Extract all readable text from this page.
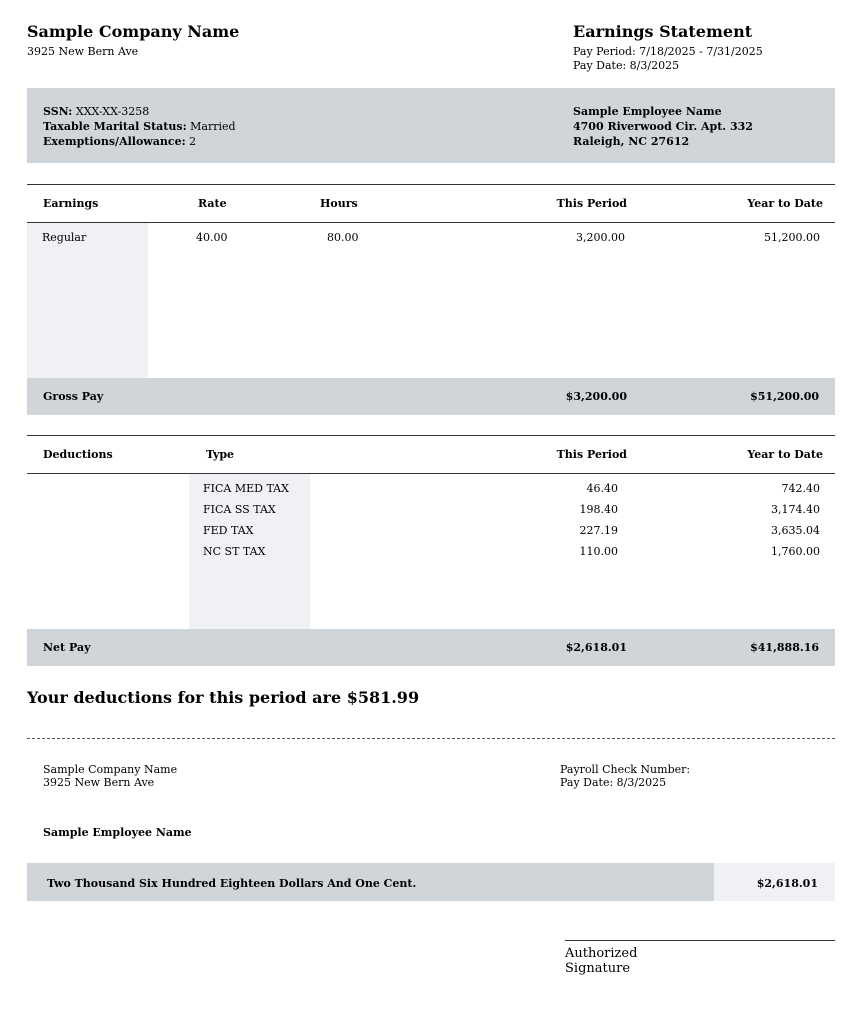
Sample Company Name
3925 New Bern Ave
Earnings Statement
Pay Period: 7/18/2025 - 7/31/2025
Pay Date: 8/3/2025
SSN: XXX-XX-3258
Taxable Marital Status: Married
Exemptions/Allowance: 2
Sample Employee Name
4700 Riverwood Cir. Apt. 332
Raleigh, NC 27612
Earnings	Rate	Hours	This Period	Year to Date
Regular	40.00	80.00	3,200.00	51,200.00
Gross Pay	$3,200.00	$51,200.00
Deductions	Type	This Period	Year to Date
FICA MED TAX	46.40	742.40
FICA SS TAX	198.40	3,174.40
FED TAX	227.19	3,635.04
NC ST TAX	110.00	1,760.00
Net Pay	$2,618.01	$41,888.16
Your deductions for this period are $581.99
Sample Company Name
3925 New Bern Ave
Payroll Check Number:
Pay Date: 8/3/2025
Sample Employee Name
Two Thousand Six Hundred Eighteen Dollars And One Cent.	$2,618.01
Authorized
Signature
